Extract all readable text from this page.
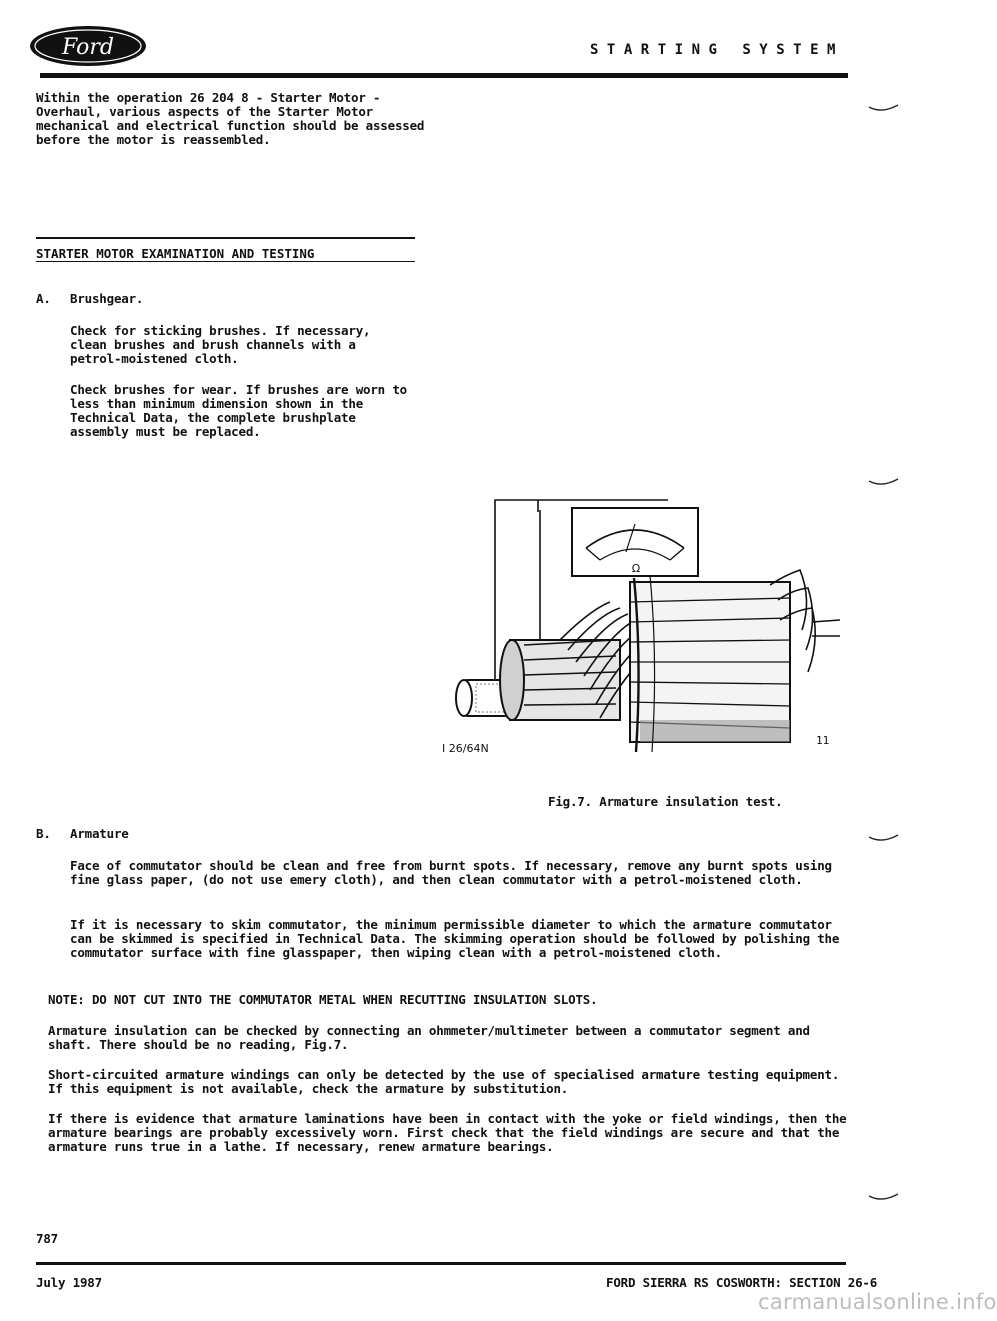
Ford	STARTING SYSTEM
Within the operation 26 204 8 - Starter Motor - Overhaul, various aspects of the Starter Motor mechanical and electrical function should be assessed before the motor is reassembled.
STARTER MOTOR EXAMINATION AND TESTING
A. Brushgear.
Check for sticking brushes. If necessary, clean brushes and brush channels with a petrol-moistened cloth.
Check brushes for wear. If brushes are worn to less than minimum dimension shown in the Technical Data, the complete brushplate assembly must be replaced.
Ω
I 26/64N
11
Fig.7. Armature insulation test.
B. Armature
Face of commutator should be clean and free from burnt spots. If necessary, remove any burnt spots using fine glass paper, (do not use emery cloth), and then clean commutator with a petrol-moistened cloth.
If it is necessary to skim commutator, the minimum permissible diameter to which the armature commutator can be skimmed is specified in Technical Data. The skimming operation should be followed by polishing the commutator surface with fine glasspaper, then wiping clean with a petrol-moistened cloth.
NOTE: DO NOT CUT INTO THE COMMUTATOR METAL WHEN RECUTTING INSULATION SLOTS.
Armature insulation can be checked by connecting an ohmmeter/multimeter between a commutator segment and shaft. There should be no reading, Fig.7.
Short-circuited armature windings can only be detected by the use of specialised armature testing equipment. If this equipment is not available, check the armature by substitution.
If there is evidence that armature laminations have been in contact with the yoke or field windings, then the armature bearings are probably excessively worn. First check that the field windings are secure and that the armature runs true in a lathe. If necessary, renew armature bearings.
787
July 1987	FORD SIERRA RS COSWORTH: SECTION 26-6
carmanualsonline.info
